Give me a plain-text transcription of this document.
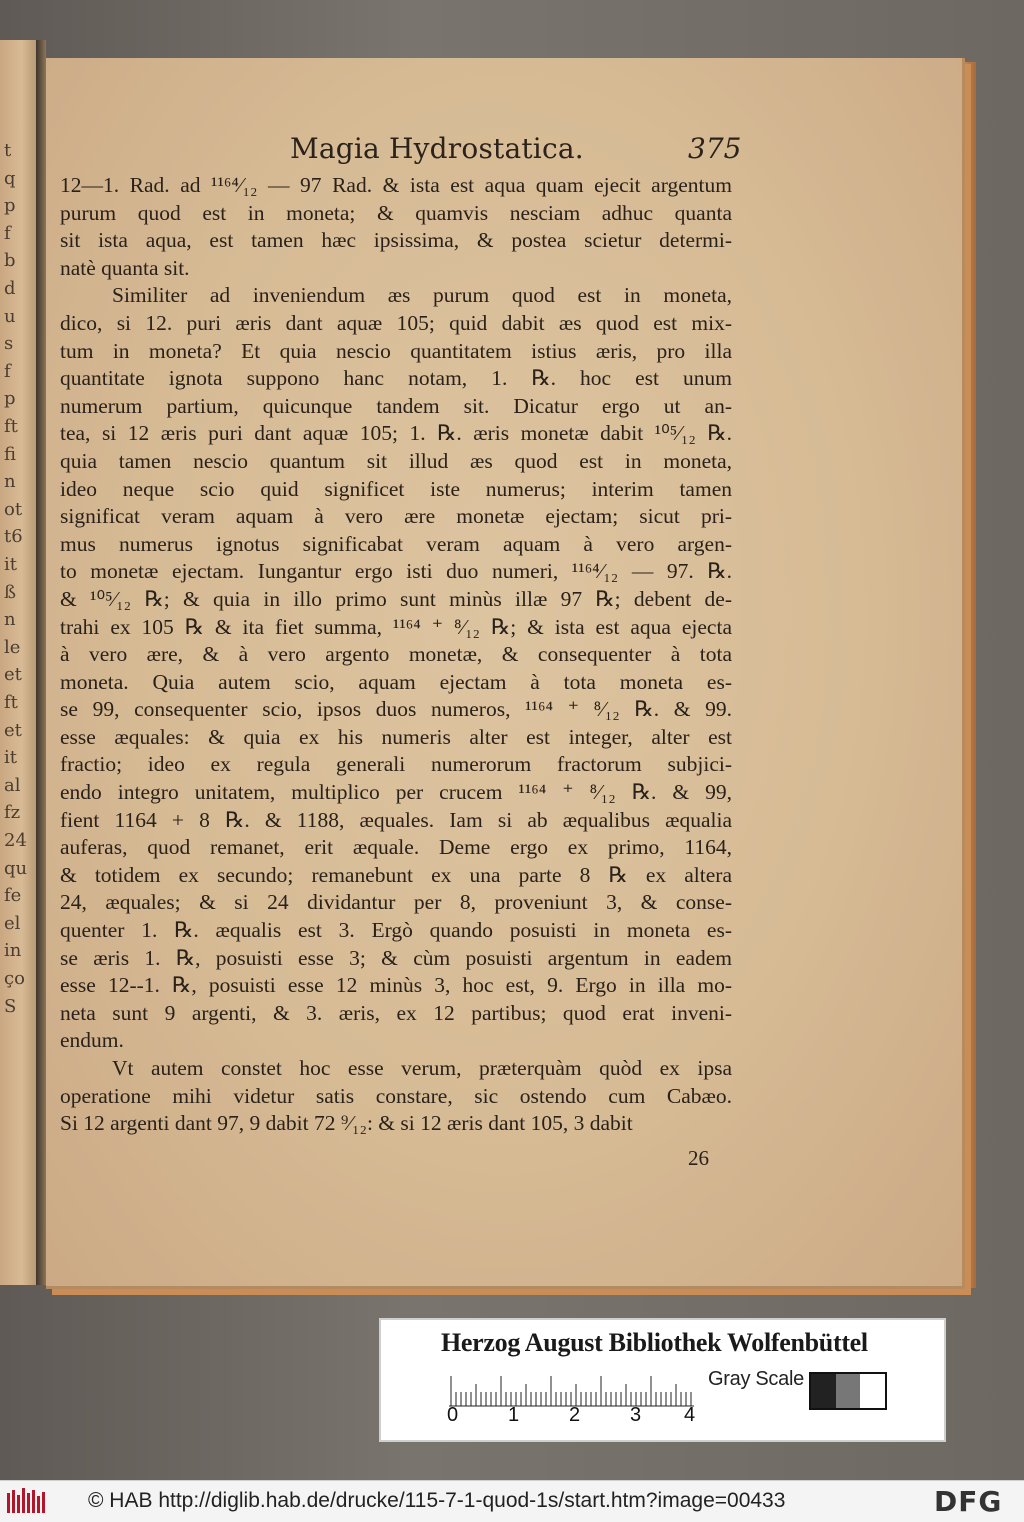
t
q
p
f
b
d
u
s
f
p
ft
fi
n
ot
t6
it
ß
n
le
et
ft
et
it
al
fz
24
qu
fe
el
in
ço
S
Magia Hydrostatica.	375
12—1. Rad. ad ¹¹⁶⁴⁄₁₂ — 97 Rad. & ista est aqua quam ejecit argentum
purum quod est in moneta; & quamvis nesciam adhuc quanta
sit ista aqua, est tamen hæc ipsissima, & postea scietur determi-
natè quanta sit.
Similiter ad inveniendum æs purum quod est in moneta,
dico, si 12. puri æris dant aquæ 105; quid dabit æs quod est mix-
tum in moneta? Et quia nescio quantitatem istius æris, pro illa
quantitate ignota suppono hanc notam, 1. ℞. hoc est unum
numerum partium, quicunque tandem sit. Dicatur ergo ut an-
tea, si 12 æris puri dant aquæ 105; 1. ℞. æris monetæ dabit ¹⁰⁵⁄₁₂ ℞.
quia tamen nescio quantum sit illud æs quod est in moneta,
ideo neque scio quid significet iste numerus; interim tamen
significat veram aquam à vero ære monetæ ejectam; sicut pri-
mus numerus ignotus significabat veram aquam à vero argen-
to monetæ ejectam. Iungantur ergo isti duo numeri, ¹¹⁶⁴⁄₁₂ — 97. ℞.
& ¹⁰⁵⁄₁₂ ℞; & quia in illo primo sunt minùs illæ 97 ℞; debent de-
trahi ex 105 ℞ & ita fiet summa, ¹¹⁶⁴ ⁺ ⁸⁄₁₂ ℞; & ista est aqua ejecta
à vero ære, & à vero argento monetæ, & consequenter à tota
moneta. Quia autem scio, aquam ejectam à tota moneta es-
se 99, consequenter scio, ipsos duos numeros, ¹¹⁶⁴ ⁺ ⁸⁄₁₂ ℞. & 99.
esse æquales: & quia ex his numeris alter est integer, alter est
fractio; ideo ex regula generali numerorum fractorum subjici-
endo integro unitatem, multiplico per crucem ¹¹⁶⁴ ⁺ ⁸⁄₁₂ ℞. & 99,
fient 1164 + 8 ℞. & 1188, æquales. Iam si ab æqualibus æqualia
auferas, quod remanet, erit æquale. Deme ergo ex primo, 1164,
& totidem ex secundo; remanebunt ex una parte 8 ℞ ex altera
24, æquales; & si 24 dividantur per 8, proveniunt 3, & conse-
quenter 1. ℞. æqualis est 3. Ergò quando posuisti in moneta es-
se æris 1. ℞, posuisti esse 3; & cùm posuisti argentum in eadem
esse 12--1. ℞, posuisti esse 12 minùs 3, hoc est, 9. Ergo in illa mo-
neta sunt 9 argenti, & 3. æris, ex 12 partibus; quod erat inveni-
endum.
Vt autem constet hoc esse verum, præterquàm quòd ex ipsa
operatione mihi videtur satis constare, sic ostendo cum Cabæo.
Si 12 argenti dant 97, 9 dabit 72 ⁹⁄₁₂: & si 12 æris dant 105, 3 dabit
26
Herzog August Bibliothek Wolfenbüttel
0 1 2 3 4
Gray Scale
© HAB http://diglib.hab.de/drucke/115-7-1-quod-1s/start.htm?image=00433	DFG
